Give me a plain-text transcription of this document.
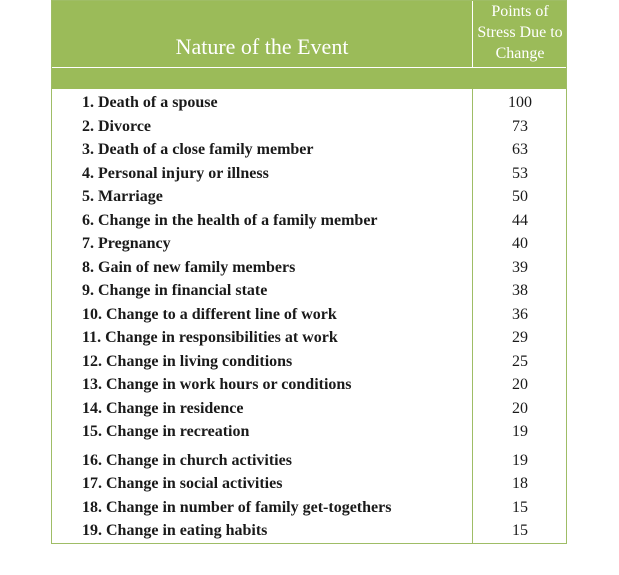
Nature of the Event
Points of Stress Due to Change
1. Death of a spouse	100
2. Divorce	73
3. Death of a close family member	63
4. Personal injury or illness	53
5. Marriage	50
6. Change in the health of a family member	44
7. Pregnancy	40
8. Gain of new family members	39
9. Change in financial state	38
10. Change to a different line of work	36
11. Change in responsibilities at work	29
12. Change in living conditions	25
13. Change in work hours or conditions	20
14. Change in residence	20
15. Change in recreation	19
16. Change in church activities	19
17. Change in social activities	18
18. Change in number of family get-togethers	15
19. Change in eating habits	15
